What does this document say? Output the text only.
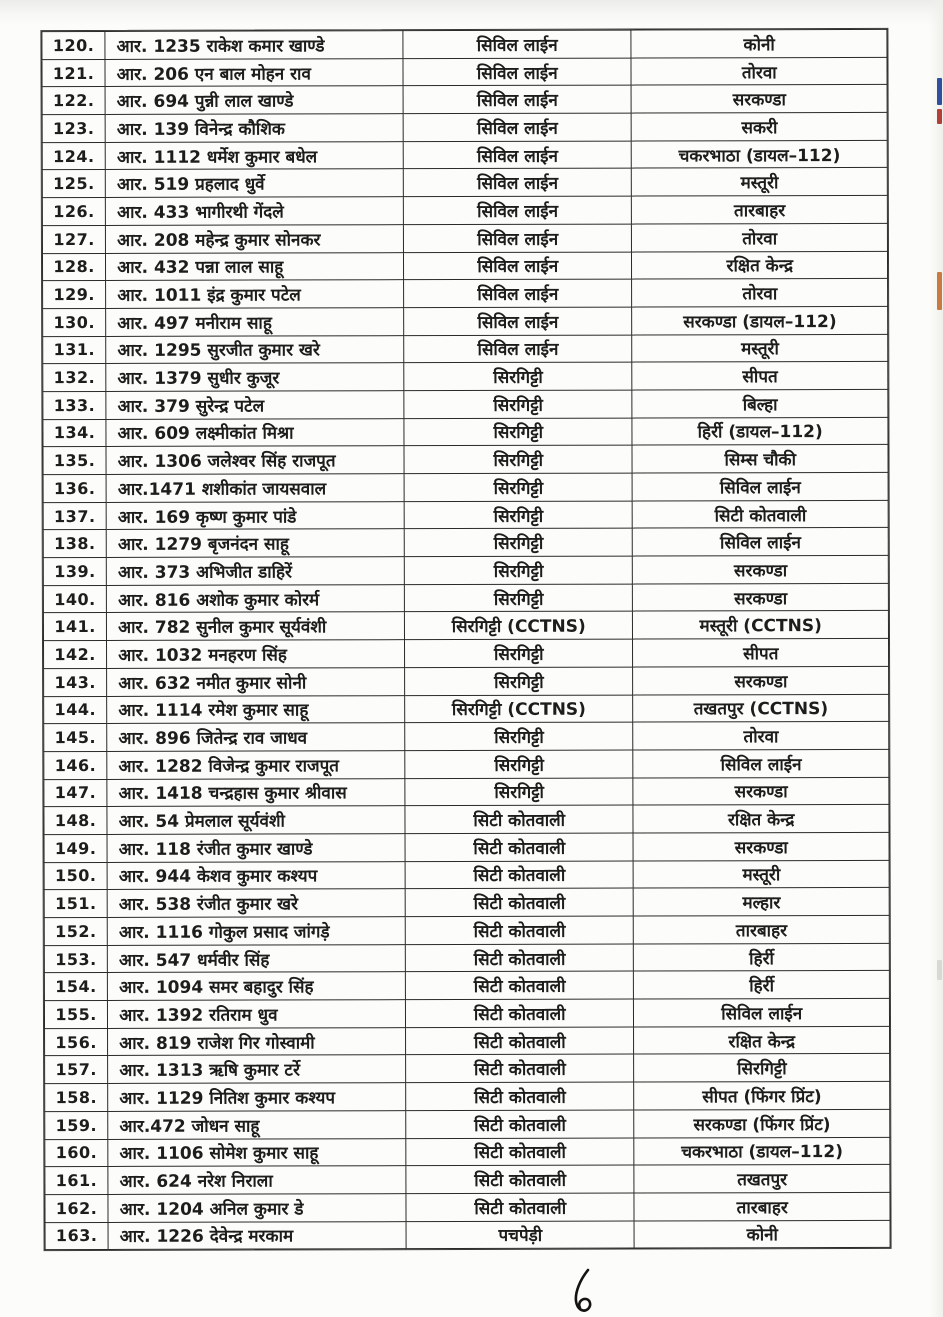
120.	आर. 1235 राकेश कमार खाण्डे	सिविल लाईन	कोनी
121.	आर. 206 एन बाल मोहन राव	सिविल लाईन	तोरवा
122.	आर. 694 पुन्नी लाल खाण्डे	सिविल लाईन	सरकण्डा
123.	आर. 139 विनेन्द्र कौशिक	सिविल लाईन	सकरी
124.	आर. 1112 धर्मेश कुमार बधेल	सिविल लाईन	चकरभाठा (डायल–112)
125.	आर. 519 प्रहलाद धुर्वे	सिविल लाईन	मस्तूरी
126.	आर. 433 भागीरथी गेंदले	सिविल लाईन	तारबाहर
127.	आर. 208 महेन्द्र कुमार सोनकर	सिविल लाईन	तोरवा
128.	आर. 432 पन्ना लाल साहू	सिविल लाईन	रक्षित केन्द्र
129.	आर. 1011 इंद्र कुमार पटेल	सिविल लाईन	तोरवा
130.	आर. 497 मनीराम साहू	सिविल लाईन	सरकण्डा (डायल–112)
131.	आर. 1295 सुरजीत कुमार खरे	सिविल लाईन	मस्तूरी
132.	आर. 1379 सुधीर कुजूर	सिरगिट्टी	सीपत
133.	आर. 379 सुरेन्द्र पटेल	सिरगिट्टी	बिल्हा
134.	आर. 609 लक्ष्मीकांत मिश्रा	सिरगिट्टी	हिर्री (डायल–112)
135.	आर. 1306 जलेश्वर सिंह राजपूत	सिरगिट्टी	सिम्स चौकी
136.	आर.1471 शशीकांत जायसवाल	सिरगिट्टी	सिविल लाईन
137.	आर. 169 कृष्ण कुमार पांडे	सिरगिट्टी	सिटी कोतवाली
138.	आर. 1279 बृजनंदन साहू	सिरगिट्टी	सिविल लाईन
139.	आर. 373 अभिजीत डाहिरें	सिरगिट्टी	सरकण्डा
140.	आर. 816 अशोक कुमार कोरर्म	सिरगिट्टी	सरकण्डा
141.	आर. 782 सुनील कुमार सूर्यवंशी	सिरगिट्टी (CCTNS)	मस्तूरी (CCTNS)
142.	आर. 1032 मनहरण सिंह	सिरगिट्टी	सीपत
143.	आर. 632 नमीत कुमार सोनी	सिरगिट्टी	सरकण्डा
144.	आर. 1114 रमेश कुमार साहू	सिरगिट्टी (CCTNS)	तखतपुर (CCTNS)
145.	आर. 896 जितेन्द्र राव जाधव	सिरगिट्टी	तोरवा
146.	आर. 1282 विजेन्द्र कुमार राजपूत	सिरगिट्टी	सिविल लाईन
147.	आर. 1418 चन्द्रहास कुमार श्रीवास	सिरगिट्टी	सरकण्डा
148.	आर. 54 प्रेमलाल सूर्यवंशी	सिटी कोतवाली	रक्षित केन्द्र
149.	आर. 118 रंजीत कुमार खाण्डे	सिटी कोतवाली	सरकण्डा
150.	आर. 944 केशव कुमार कश्यप	सिटी कोतवाली	मस्तूरी
151.	आर. 538 रंजीत कुमार खरे	सिटी कोतवाली	मल्हार
152.	आर. 1116 गोकुल प्रसाद जांगड़े	सिटी कोतवाली	तारबाहर
153.	आर. 547 धर्मवीर सिंह	सिटी कोतवाली	हिर्री
154.	आर. 1094 समर बहादुर सिंह	सिटी कोतवाली	हिर्री
155.	आर. 1392 रतिराम धुव	सिटी कोतवाली	सिविल लाईन
156.	आर. 819 राजेश गिर गोस्वामी	सिटी कोतवाली	रक्षित केन्द्र
157.	आर. 1313 ऋषि कुमार टर्रे	सिटी कोतवाली	सिरगिट्टी
158.	आर. 1129 नितिश कुमार कश्यप	सिटी कोतवाली	सीपत (फिंगर प्रिंट)
159.	आर.472 जोधन साहू	सिटी कोतवाली	सरकण्डा (फिंगर प्रिंट)
160.	आर. 1106 सोमेश कुमार साहू	सिटी कोतवाली	चकरभाठा (डायल–112)
161.	आर. 624 नरेश निराला	सिटी कोतवाली	तखतपुर
162.	आर. 1204 अनिल कुमार डे	सिटी कोतवाली	तारबाहर
163.	आर. 1226 देवेन्द्र मरकाम	पचपेड़ी	कोनी
